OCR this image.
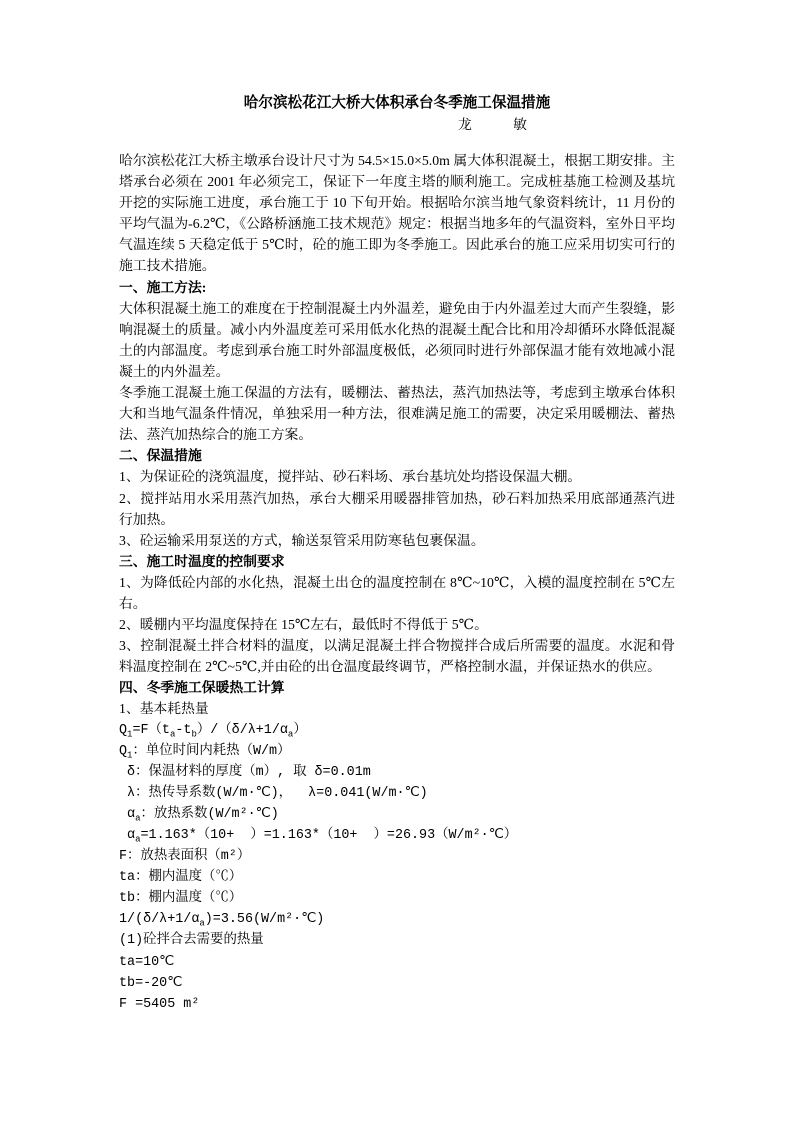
哈尔滨松花江大桥大体积承台冬季施工保温措施
龙　　　敏

哈尔滨松花江大桥主墩承台设计尺寸为 54.5×15.0×5.0m 属大体积混凝土，根据工期安排。主塔承台必须在 2001 年必须完工，保证下一年度主塔的顺利施工。完成桩基施工检测及基坑开挖的实际施工进度，承台施工于 10 下旬开始。根据哈尔滨当地气象资料统计，11 月份的平均气温为-6.2℃，《公路桥涵施工技术规范》规定：根据当地多年的气温资料，室外日平均气温连续 5 天稳定低于 5℃时，砼的施工即为冬季施工。因此承台的施工应采用切实可行的施工技术措施。

一、施工方法:

大体积混凝土施工的难度在于控制混凝土内外温差，避免由于内外温差过大而产生裂缝，影响混凝土的质量。减小内外温度差可采用低水化热的混凝土配合比和用冷却循环水降低混凝土的内部温度。考虑到承台施工时外部温度极低，必须同时进行外部保温才能有效地减小混凝土的内外温差。

冬季施工混凝土施工保温的方法有，暖棚法、蓄热法，蒸汽加热法等，考虑到主墩承台体积大和当地气温条件情况，单独采用一种方法，很难满足施工的需要，决定采用暖棚法、蓄热法、蒸汽加热综合的施工方案。

二、保温措施

1、为保证砼的浇筑温度，搅拌站、砂石料场、承台基坑处均搭设保温大棚。

2、搅拌站用水采用蒸汽加热，承台大棚采用暖器排管加热，砂石料加热采用底部通蒸汽进行加热。

3、砼运输采用泵送的方式，输送泵管采用防寒毡包裹保温。

三、施工时温度的控制要求

1、为降低砼内部的水化热，混凝土出仓的温度控制在 8℃~10℃，入模的温度控制在 5℃左右。

2、暖棚内平均温度保持在 15℃左右，最低时不得低于 5℃。

3、控制混凝土拌合材料的温度，以满足混凝土拌合物搅拌合成后所需要的温度。水泥和骨料温度控制在 2℃~5℃,并由砼的出仓温度最终调节，严格控制水温，并保证热水的供应。

四、冬季施工保暖热工计算

1、基本耗热量

$Q_1=F(t_a-t_b)/(\delta/\lambda+1/\alpha_a)$
$Q_1$：单位时间内耗热（W/m）
δ：保温材料的厚度（m）, 取 δ=0.01m
λ：热传导系数(W/m·℃)，  λ=0.041(W/m·℃)
$\alpha_a$：放热系数(W/m²·℃)
$\alpha_a=1.163*(10+ )=1.163*(10+$  ）=26.93（W/m²·℃）
F：放热表面积（m²）
ta：棚内温度（℃）
tb：棚内温度（℃）
$1/(\delta/\lambda+1/\alpha_a)=3.56(W/m^2\cdot℃)$
(1)砼拌合去需要的热量
ta=10℃
tb=-20℃
F =5405 m²
